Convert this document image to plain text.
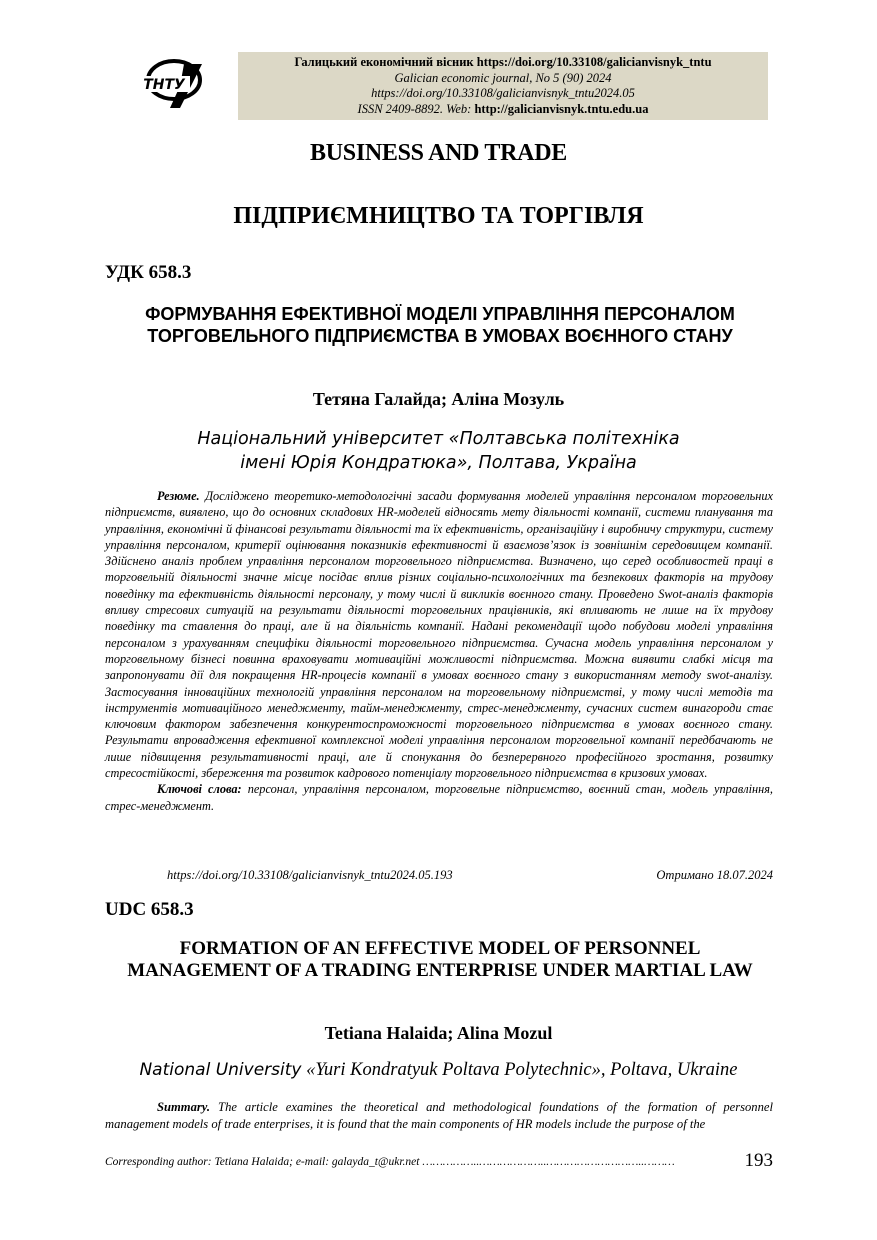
ТНТУ
Галицький економічний вісник https://doi.org/10.33108/galicianvisnyk_tntu
Galician economic journal, No 5 (90) 2024
https://doi.org/10.33108/galicianvisnyk_tntu2024.05
ISSN 2409-8892. Web: http://galicianvisnyk.tntu.edu.ua
BUSINESS AND TRADE
ПІДПРИЄМНИЦТВО ТА ТОРГІВЛЯ
УДК 658.3
ФОРМУВАННЯ ЕФЕКТИВНОЇ МОДЕЛІ УПРАВЛІННЯ ПЕРСОНАЛОМ ТОРГОВЕЛЬНОГО ПІДПРИЄМСТВА В УМОВАХ ВОЄННОГО СТАНУ
Тетяна Галайда; Аліна Мозуль
Національний університет «Полтавська політехніка
імені Юрія Кондратюка», Полтава, Україна

Резюме. Досліджено теоретико-методологічні засади формування моделей управління персоналом торговельних підприємств, виявлено, що до основних складових HR-моделей відносять мету діяльності компанії, системи планування та управління, економічні й фінансові результати діяльності та їх ефективність, організаційну і виробничу структури, систему управління персоналом, критерії оцінювання показників ефективності й взаємозв’язок із зовнішнім середовищем компанії. Здійснено аналіз проблем управління персоналом торговельного підприємства. Визначено, що серед особливостей праці в торговельній діяльності значне місце посідає вплив різних соціально-психологічних та безпекових факторів на трудову поведінку та ефективність діяльності персоналу, у тому числі й викликів воєнного стану. Проведено Swot-аналіз факторів впливу стресових ситуацій на результати діяльності торговельних працівників, які впливають не лише на їх трудову поведінку та ставлення до праці, але й на діяльність компанії. Надані рекомендації щодо побудови моделі управління персоналом з урахуванням специфіки діяльності торговельного підприємства. Сучасна модель управління персоналом у торговельному бізнесі повинна враховувати мотиваційні можливості підприємства. Можна виявити слабкі місця та запропонувати дії для покращення HR-процесів компанії в умовах воєнного стану з використанням методу swot-аналізу. Застосування інноваційних технологій управління персоналом на торговельному підприємстві, у тому числі методів та інструментів мотиваційного менеджменту, тайм-менеджменту, стрес-менеджменту, сучасних систем винагороди стає ключовим фактором забезпечення конкурентоспроможності торговельного підприємства в умовах воєнного стану. Результати впровадження ефективної комплексної моделі управління персоналом торговельної компанії передбачають не лише підвищення результативності праці, але й спонукання до безперервного професійного зростання, розвитку стресостійкості, збереження та розвиток кадрового потенціалу торговельного підприємства в кризових умовах.

Ключові слова: персонал, управління персоналом, торговельне підприємство, воєнний стан, модель управління, стрес-менеджмент.

https://doi.org/10.33108/galicianvisnyk_tntu2024.05.193	Отримано 18.07.2024
UDC 658.3
FORMATION OF AN EFFECTIVE MODEL OF PERSONNEL MANAGEMENT OF A TRADING ENTERPRISE UNDER MARTIAL LAW
Tetiana Halaida; Alina Mozul
National University «Yuri Kondratyuk Poltava Polytechnic», Poltava, Ukraine

Summary. The article examines the theoretical and methodological foundations of the formation of personnel management models of trade enterprises, it is found that the main components of HR models include the purpose of the

Corresponding author: Tetiana Halaida; e-mail: galayda_t@ukr.net ……………..………………..………………………..………	193
